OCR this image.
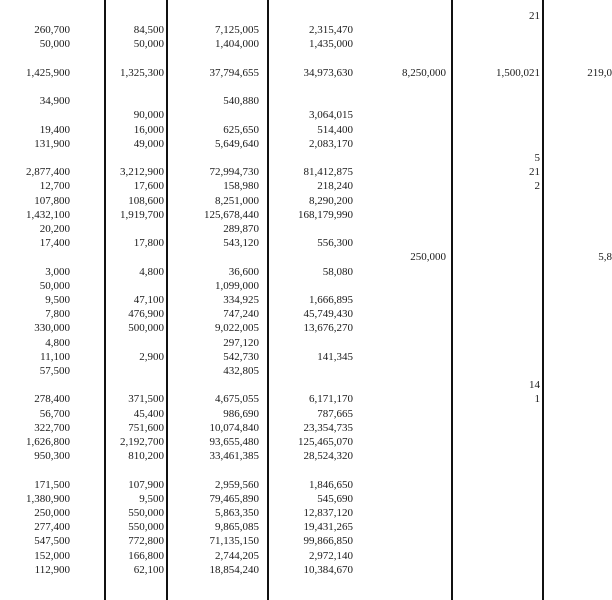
260,700
50,000
1,425,900
34,900
19,400
131,900
2,877,400
12,700
107,800
1,432,100
20,200
17,400
3,000
50,000
9,500
7,800
330,000
4,800
11,100
57,500
278,400
56,700
322,700
1,626,800
950,300
171,500
1,380,900
250,000
277,400
547,500
152,000
112,900
84,500
50,000
1,325,300
90,000
16,000
49,000
3,212,900
17,600
108,600
1,919,700
17,800
4,800
47,100
476,900
500,000
2,900
371,500
45,400
751,600
2,192,700
810,200
107,900
9,500
550,000
550,000
772,800
166,800
62,100
7,125,005
1,404,000
37,794,655
540,880
625,650
5,649,640
72,994,730
158,980
8,251,000
125,678,440
289,870
543,120
36,600
1,099,000
334,925
747,240
9,022,005
297,120
542,730
432,805
4,675,055
986,690
10,074,840
93,655,480
33,461,385
2,959,560
79,465,890
5,863,350
9,865,085
71,135,150
2,744,205
18,854,240
2,315,470
1,435,000
34,973,630
3,064,015
514,400
2,083,170
81,412,875
218,240
8,290,200
168,179,990
556,300
58,080
1,666,895
45,749,430
13,676,270
141,345
6,171,170
787,665
23,354,735
125,465,070
28,524,320
1,846,650
545,690
12,837,120
19,431,265
99,866,850
2,972,140
10,384,670
8,250,000
250,000
21
1,500,021
5
21
2
14
1
219,0
5,8
